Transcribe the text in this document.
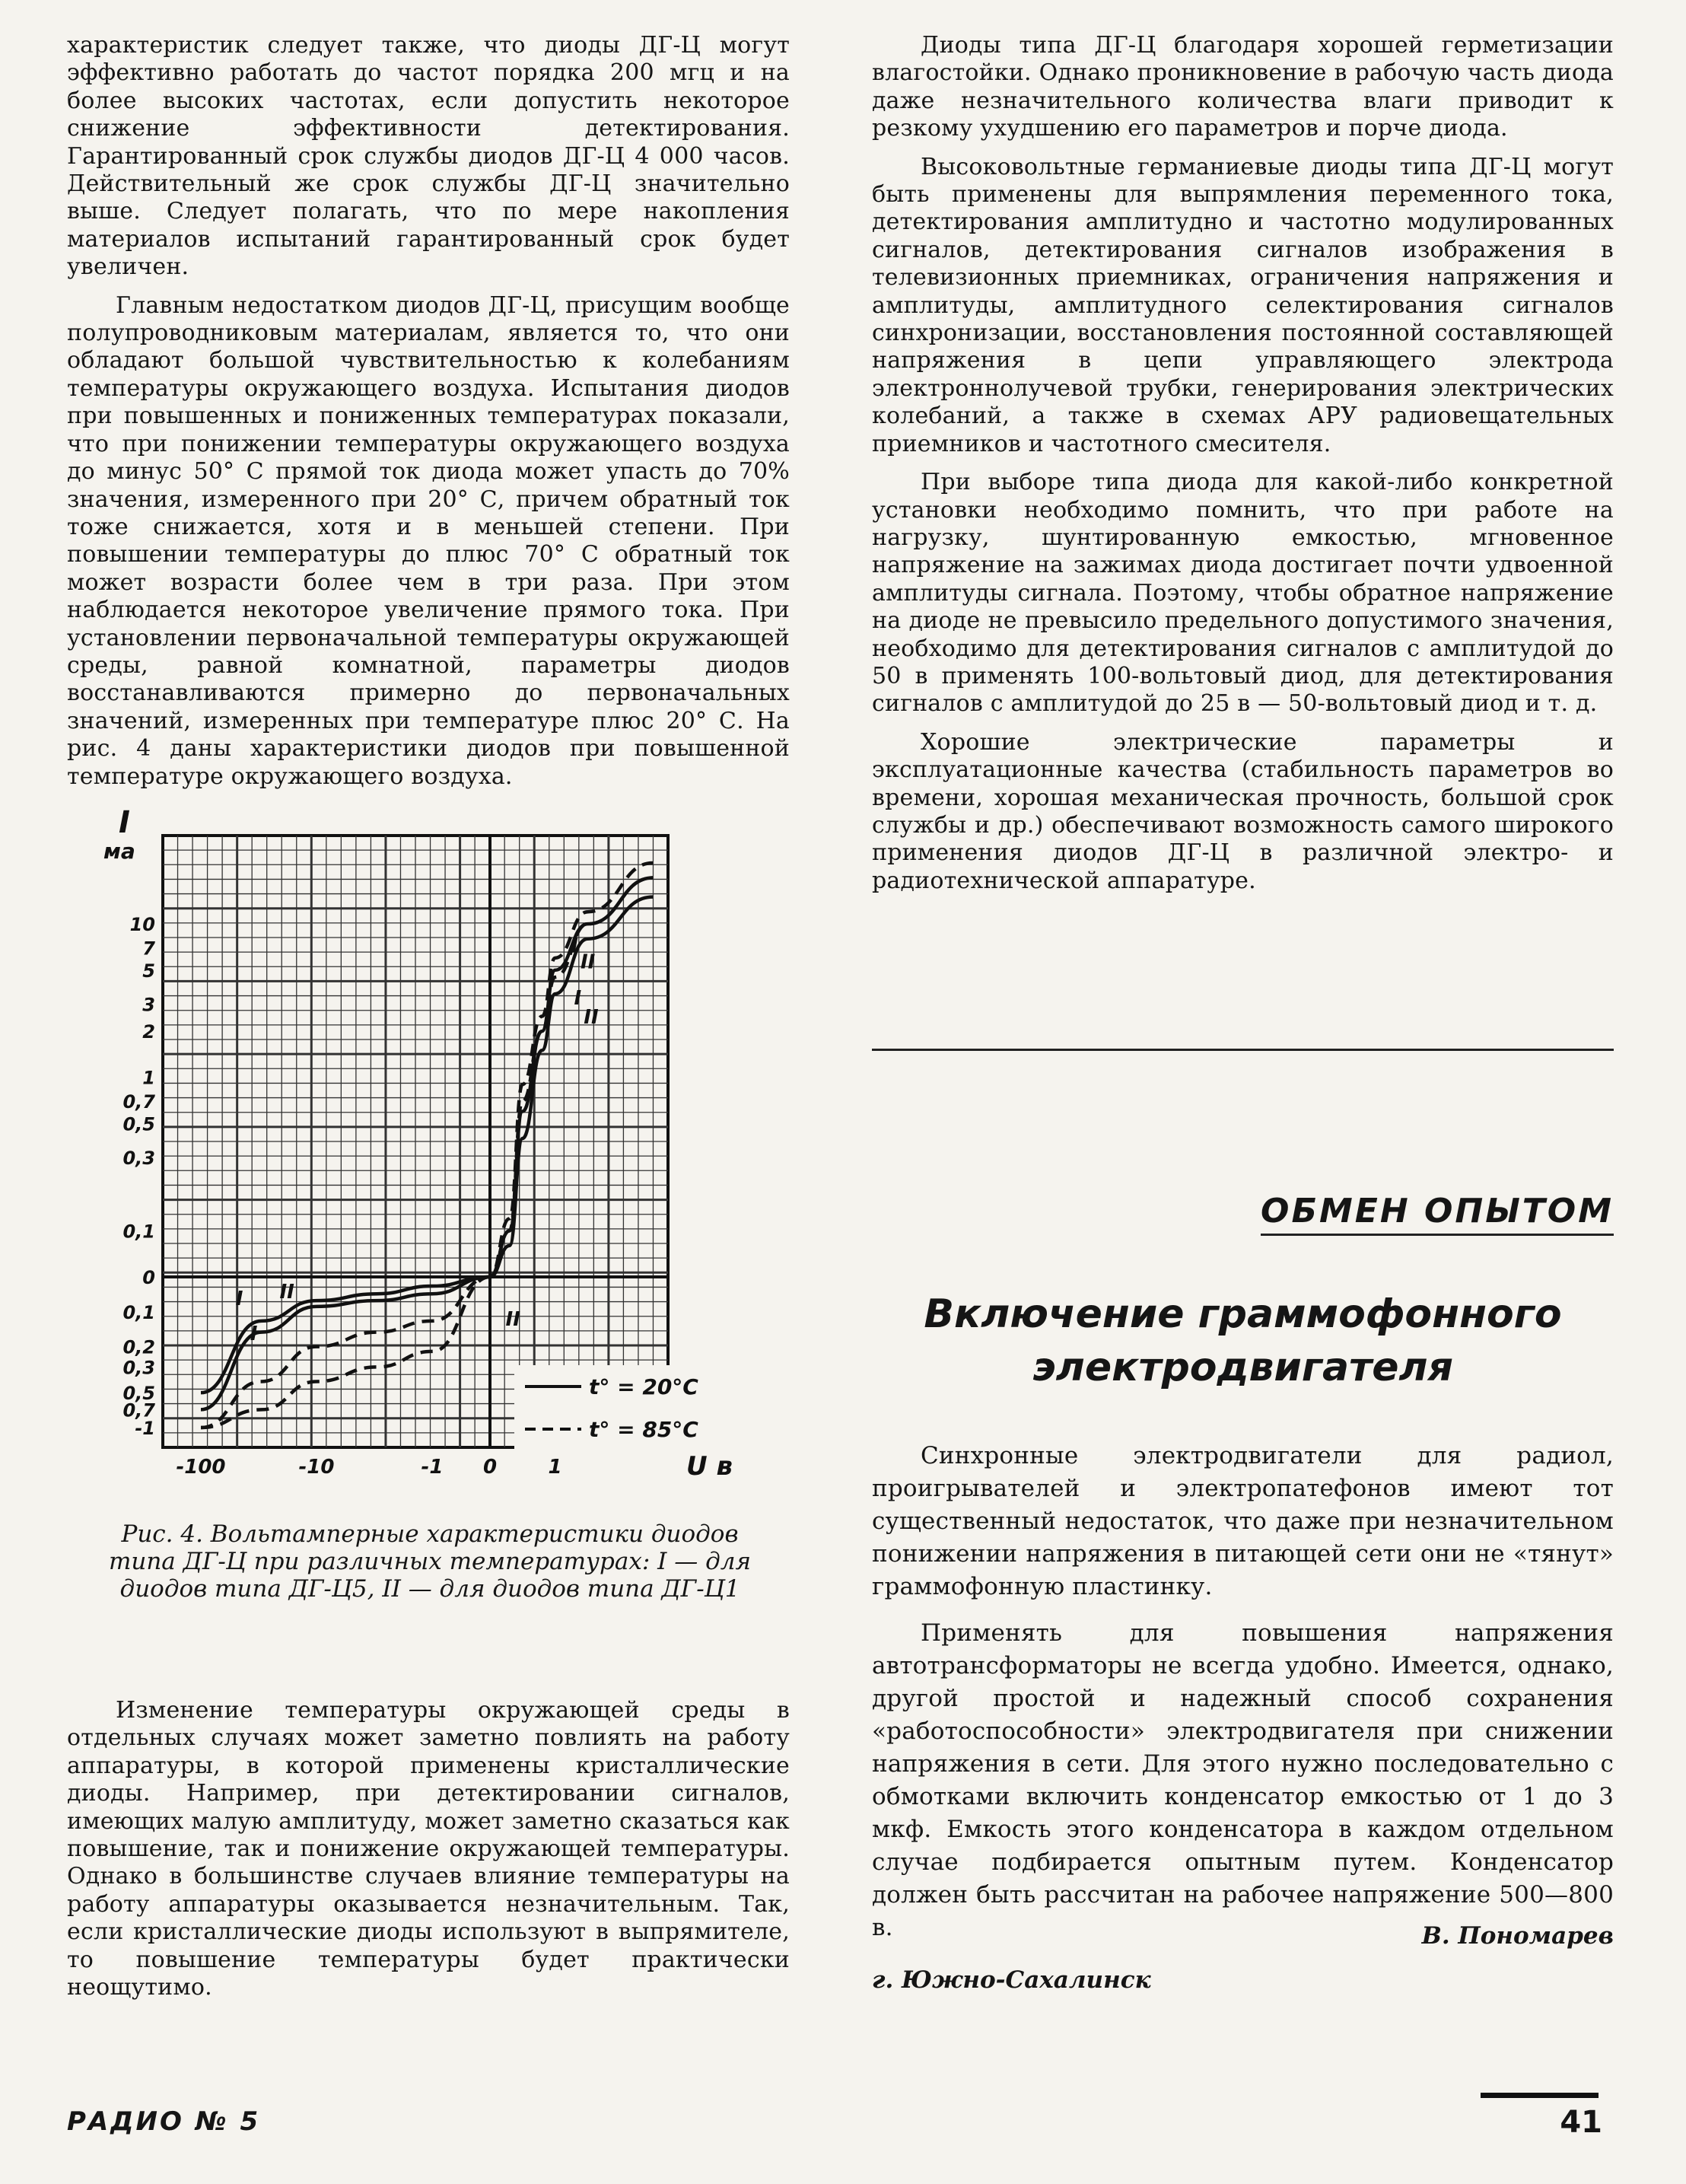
характеристик следует также, что диоды ДГ-Ц могут эффективно работать до частот порядка 200 мгц и на более высоких частотах, если допустить некоторое снижение эффективности детектирования. Гарантированный срок службы диодов ДГ-Ц 4 000 часов. Действительный же срок службы ДГ-Ц значительно выше. Следует полагать, что по мере накопления материалов испытаний гарантированный срок будет увеличен.

Главным недостатком диодов ДГ-Ц, присущим вообще полупроводниковым материалам, является то, что они обладают большой чувствительностью к колебаниям температуры окружающего воздуха. Испытания диодов при повышенных и пониженных температурах показали, что при понижении температуры окружающего воздуха до минус 50° С прямой ток диода может упасть до 70% значения, измеренного при 20° С, причем обратный ток тоже снижается, хотя и в меньшей степени. При повышении температуры до плюс 70° С обратный ток может возрасти более чем в три раза. При этом наблюдается некоторое увеличение прямого тока. При установлении первоначальной температуры окружающей среды, равной комнатной, параметры диодов восстанавливаются примерно до первоначальных значений, измеренных при температуре плюс 20° С. На рис. 4 даны характеристики диодов при повышенной температуре окружающего воздуха.

10
7
5
3
2
1
0,7
0,5
0,3
0,1
0
0,1
0,2
0,3
0,5
0,7
-1
-100	-10	-1 0	1
I
II
I
II
I II
I
II
I
ма
U в
t° = 20°C
t° = 85°C
Рис. 4. Вольтамперные характеристики диодов типа ДГ-Ц при различных температурах: I — для диодов типа ДГ-Ц5, II — для диодов типа ДГ-Ц1

Изменение температуры окружающей среды в отдельных случаях может заметно повлиять на работу аппаратуры, в которой применены кристаллические диоды. Например, при детектировании сигналов, имеющих малую амплитуду, может заметно сказаться как повышение, так и понижение окружающей температуры. Однако в большинстве случаев влияние температуры на работу аппаратуры оказывается незначительным. Так, если кристаллические диоды используют в выпрямителе, то повышение температуры будет практически неощутимо.

Диоды типа ДГ-Ц благодаря хорошей герметизации влагостойки. Однако проникновение в рабочую часть диода даже незначительного количества влаги приводит к резкому ухудшению его параметров и порче диода.

Высоковольтные германиевые диоды типа ДГ-Ц могут быть применены для выпрямления переменного тока, детектирования амплитудно и частотно модулированных сигналов, детектирования сигналов изображения в телевизионных приемниках, ограничения напряжения и амплитуды, амплитудного селектирования сигналов синхронизации, восстановления постоянной составляющей напряжения в цепи управляющего электрода электроннолучевой трубки, генерирования электрических колебаний, а также в схемах АРУ радиовещательных приемников и частотного смесителя.

При выборе типа диода для какой-либо конкретной установки необходимо помнить, что при работе на нагрузку, шунтированную емкостью, мгновенное напряжение на зажимах диода достигает почти удвоенной амплитуды сигнала. Поэтому, чтобы обратное напряжение на диоде не превысило предельного допустимого значения, необходимо для детектирования сигналов с амплитудой до 50 в применять 100-вольтовый диод, для детектирования сигналов с амплитудой до 25 в — 50-вольтовый диод и т. д.

Хорошие электрические параметры и эксплуатационные качества (стабильность параметров во времени, хорошая механическая прочность, большой срок службы и др.) обеспечивают возможность самого широкого применения диодов ДГ-Ц в различной электро- и радиотехнической аппаратуре.

ОБМЕН ОПЫТОМ
Включение граммофонного электродвигателя

Синхронные электродвигатели для радиол, проигрывателей и электропатефонов имеют тот существенный недостаток, что даже при незначительном понижении напряжения в питающей сети они не «тянут» граммофонную пластинку.

Применять для повышения напряжения автотрансформаторы не всегда удобно. Имеется, однако, другой простой и надежный способ сохранения «работоспособности» электродвигателя при снижении напряжения в сети. Для этого нужно последовательно с обмотками включить конденсатор емкостью от 1 до 3 мкф. Емкость этого конденсатора в каждом отдельном случае подбирается опытным путем. Конденсатор должен быть рассчитан на рабочее напряжение 500—800 в.	В. Пономарев
г. Южно-Сахалинск
РАДИО № 5	41
